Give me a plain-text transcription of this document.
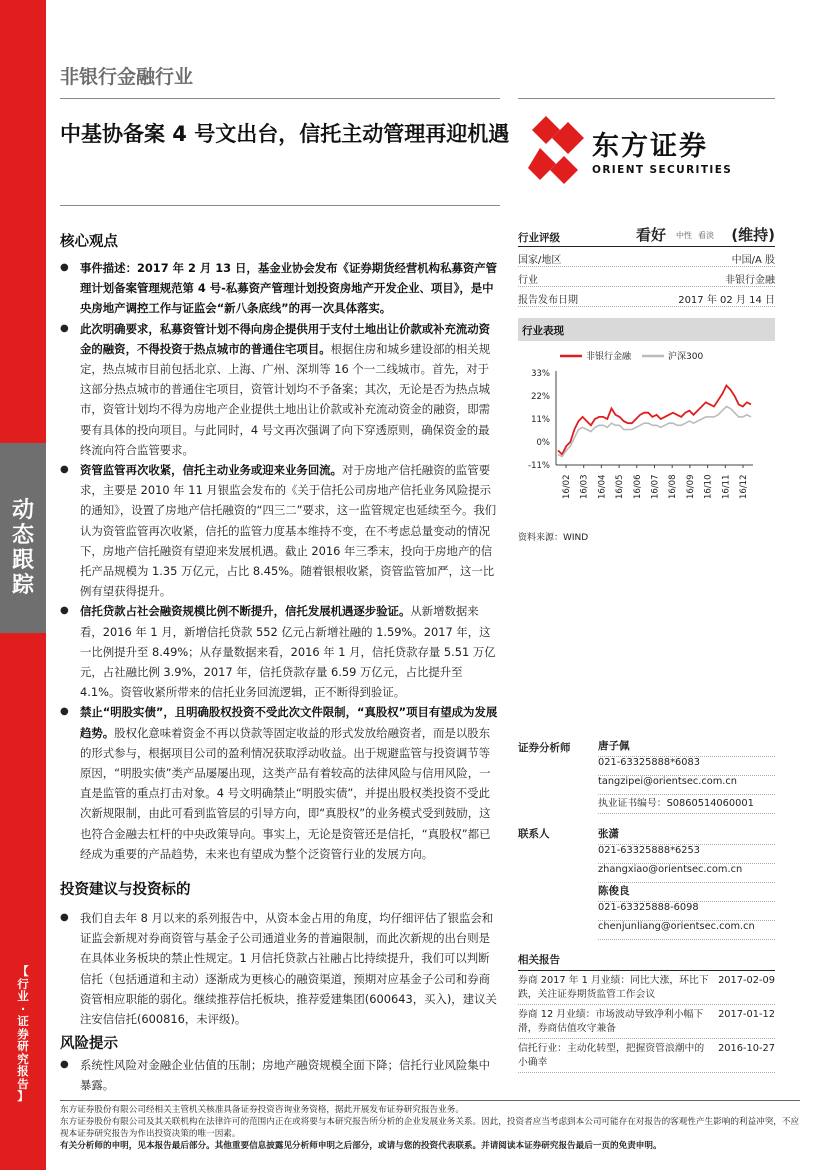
动
态
跟
踪
【
行
业
·
证
券
研
究
报
告
】
非银行金融行业
中基协备案 4 号文出台，信托主动管理再迎机遇	东方证券
ORIENT SECURITIES
核心观点

● 事件描述：2017 年 2 月 13 日，基金业协会发布《证券期货经营机构私募资产管理计划备案管理规范第 4 号-私募资产管理计划投资房地产开发企业、项目》，是中央房地产调控工作与证监会“新八条底线”的再一次具体落实。

● 此次明确要求，私募资管计划不得向房企提供用于支付土地出让价款或补充流动资金的融资，不得投资于热点城市的普通住宅项目。根据住房和城乡建设部的相关规定，热点城市目前包括北京、上海、广州、深圳等 16 个一二线城市。首先，对于这部分热点城市的普通住宅项目，资管计划均不予备案；其次，无论是否为热点城市，资管计划均不得为房地产企业提供土地出让价款或补充流动资金的融资，即需要有具体的投向项目。与此同时，4 号文再次强调了向下穿透原则，确保资金的最终流向符合监管要求。

● 资管监管再次收紧，信托主动业务或迎来业务回流。对于房地产信托融资的监管要求，主要是 2010 年 11 月银监会发布的《关于信托公司房地产信托业务风险提示的通知》，设置了房地产信托融资的“四三二”要求，这一监管规定也延续至今。我们认为资管监管再次收紧，信托的监管力度基本维持不变，在不考虑总量变动的情况下，房地产信托融资有望迎来发展机遇。截止 2016 年三季末，投向于房地产的信托产品规模为 1.35 万亿元，占比 8.45%。随着银根收紧，资管监管加严，这一比例有望获得提升。

● 信托贷款占社会融资规模比例不断提升，信托发展机遇逐步验证。从新增数据来看，2016 年 1 月，新增信托贷款 552 亿元占新增社融的 1.59%。2017 年，这一比例提升至 8.49%；从存量数据来看，2016 年 1 月，信托贷款存量 5.51 万亿元，占社融比例 3.9%，2017 年，信托贷款存量 6.59 万亿元，占比提升至 4.1%。资管收紧所带来的信托业务回流逻辑，正不断得到验证。

● 禁止“明股实债”，且明确股权投资不受此次文件限制，“真股权”项目有望成为发展趋势。股权化意味着资金不再以贷款等固定收益的形式发放给融资者，而是以股东的形式参与，根据项目公司的盈利情况获取浮动收益。出于规避监管与投资调节等原因，“明股实债”类产品屡屡出现，这类产品有着较高的法律风险与信用风险，一直是监管的重点打击对象。4 号文明确禁止“明股实债”，并提出股权类投资不受此次新规限制，由此可看到监管层的引导方向，即“真股权”的业务模式受到鼓励，这也符合金融去杠杆的中央政策导向。事实上，无论是资管还是信托，“真股权”都已经成为重要的产品趋势，未来也有望成为整个泛资管行业的发展方向。

投资建议与投资标的

● 我们自去年 8 月以来的系列报告中，从资本金占用的角度，均仔细评估了银监会和证监会新规对券商资管与基金子公司通道业务的普遍限制，而此次新规的出台则是在具体业务板块的禁止性规定。1 月信托贷款占社融占比持续提升，我们可以判断信托（包括通道和主动）逐渐成为更核心的融资渠道，预期对应基金子公司和券商资管相应职能的弱化。继续推荐信托板块，推荐爱建集团(600643，买入)，建议关注安信信托(600816，未评级)。

风险提示

● 系统性风险对金融企业估值的压制；房地产融资规模全面下降；信托行业风险集中暴露。

行业评级	看好 中性 看淡 (维持)
国家/地区	中国/A 股
行业	非银行金融
报告发布日期	2017 年 02 月 14 日
行业表现
非银行金融	沪深300
33%
22%
11%
0%
-11%
16/02 16/03 16/04 16/05 16/06 16/07 16/08 16/09 16/10 16/11 16/12
资料来源：WIND
证券分析师	唐子佩
021-63325888*6083
tangzipei@orientsec.com.cn
执业证书编号：S0860514060001
联系人	张潇
021-63325888*6253
zhangxiao@orientsec.com.cn
陈俊良
021-63325888-6098
chenjunliang@orientsec.com.cn
相关报告
券商 2017 年 1 月业绩：同比大涨，环比下跌，关注证券期货监管工作会议
2017-02-09
券商 12 月业绩：市场波动导致净利小幅下滑，券商估值攻守兼备
2017-01-12
信托行业：主动化转型，把握资管浪潮中的小确幸
2016-10-27
东方证券股份有限公司经相关主管机关核准具备证券投资咨询业务资格，据此开展发布证券研究报告业务。
东方证券股份有限公司及其关联机构在法律许可的范围内正在或将要与本研究报告所分析的企业发展业务关系。因此，投资者应当考虑到本公司可能存在对报告的客观性产生影响的利益冲突，不应视本证券研究报告为作出投资决策的唯一因素。
有关分析师的申明，见本报告最后部分。其他重要信息披露见分析师申明之后部分，或请与您的投资代表联系。并请阅读本证券研究报告最后一页的免责申明。
